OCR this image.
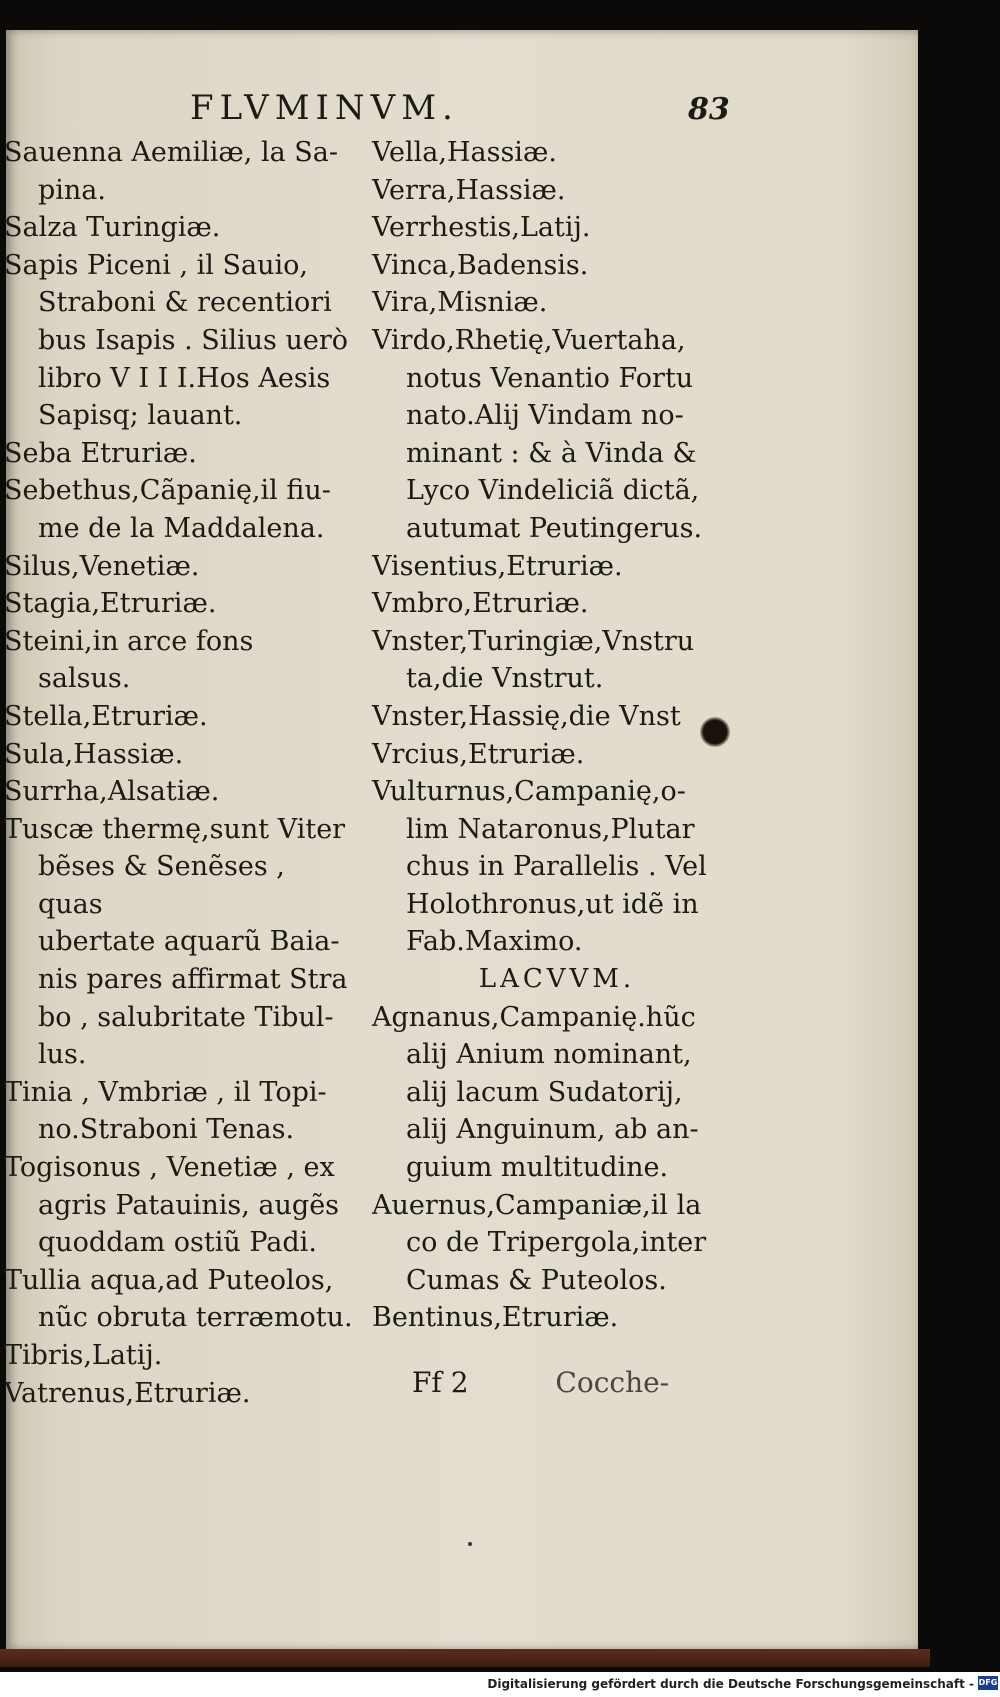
FLVMINVM.	83

Sauenna Aemiliæ, la Sa-
pina.

Salza Turingiæ.

Sapis Piceni , il Sauio,
Straboni & recentiori
bus Isapis . Silius uerò
libro V I I I.Hos Aesis
Sapisq; lauant.

Seba Etruriæ.

Sebethus,Cãpanię,il fiu-
me de la Maddalena.

Silus,Venetiæ.

Stagia,Etruriæ.

Steini,in arce fons salsus.

Stella,Etruriæ.

Sula,Hassiæ.

Surrha,Alsatiæ.

Tuscæ thermę,sunt Viter
bẽses & Senẽses , quas
ubertate aquarũ Baia-
nis pares affirmat Stra
bo , salubritate Tibul-
lus.

Tinia , Vmbriæ , il Topi-
no.Straboni Tenas.

Togisonus , Venetiæ , ex
agris Patauinis, augẽs
quoddam ostiũ Padi.

Tullia aqua,ad Puteolos,
nũc obruta terræmotu.

Tibris,Latij.

Vatrenus,Etruriæ.

Vella,Hassiæ.

Verra,Hassiæ.

Verrhestis,Latij.

Vinca,Badensis.

Vira,Misniæ.

Virdo,Rhetię,Vuertaha,
notus Venantio Fortu
nato.Alij Vindam no-
minant : & à Vinda &
Lyco Vindeliciã dictã,
autumat Peutingerus.

Visentius,Etruriæ.

Vmbro,Etruriæ.

Vnster,Turingiæ,Vnstru
ta,die Vnstrut.

Vnster,Hassię,die Vnst

Vrcius,Etruriæ.

Vulturnus,Campanię,o-
lim Nataronus,Plutar
chus in Parallelis . Vel
Holothronus,ut idẽ in
Fab.Maximo.

LACVVM.

Agnanus,Campanię.hũc
alij Anium nominant,
alij lacum Sudatorij,
alij Anguinum, ab an-
guium multitudine.

Auernus,Campaniæ,il la
co de Tripergola,inter
Cumas & Puteolos.

Bentinus,Etruriæ.

Ff 2	Cocche-
Digitalisierung gefördert durch die Deutsche Forschungsgemeinschaft - DFG
